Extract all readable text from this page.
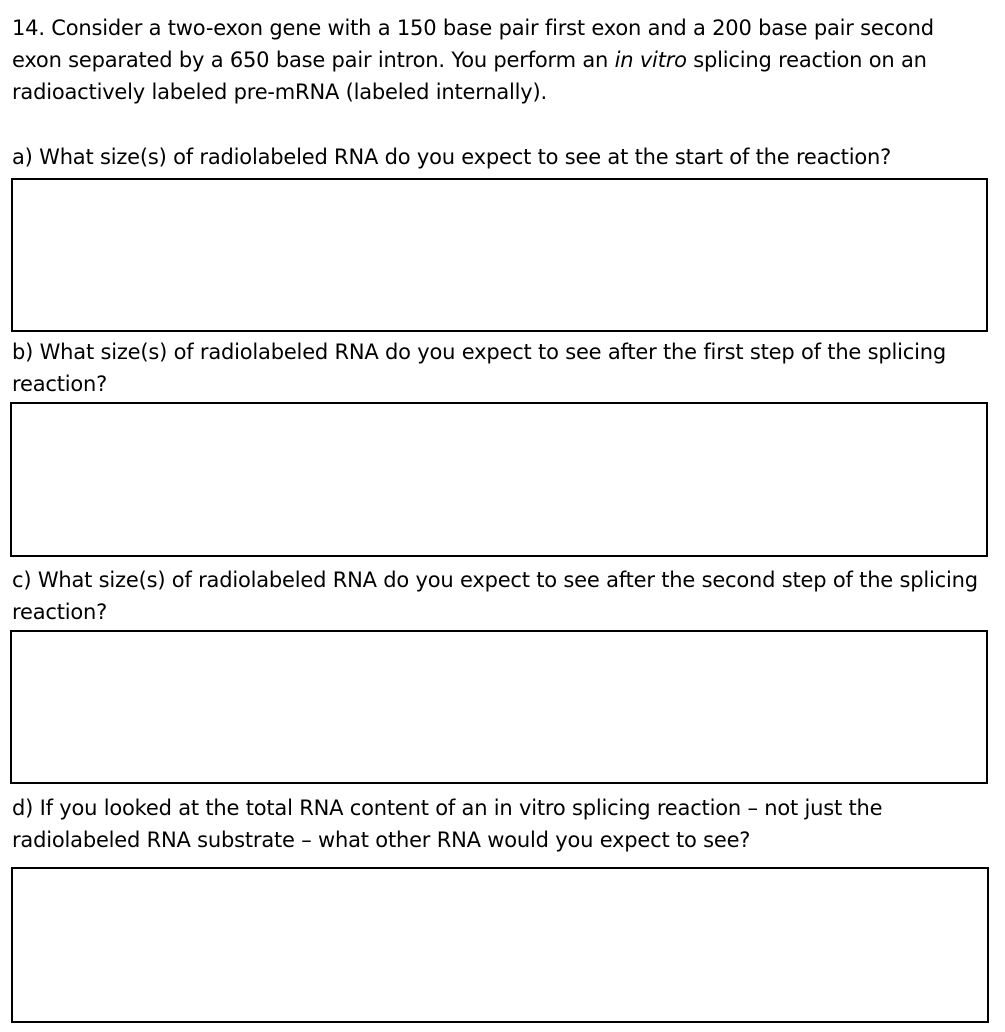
14. Consider a two-exon gene with a 150 base pair first exon and a 200 base pair second
exon separated by a 650 base pair intron. You perform an in vitro splicing reaction on an
radioactively labeled pre-mRNA (labeled internally).
a) What size(s) of radiolabeled RNA do you expect to see at the start of the reaction?
b) What size(s) of radiolabeled RNA do you expect to see after the first step of the splicing
reaction?
c) What size(s) of radiolabeled RNA do you expect to see after the second step of the splicing
reaction?
d) If you looked at the total RNA content of an in vitro splicing reaction – not just the
radiolabeled RNA substrate – what other RNA would you expect to see?
